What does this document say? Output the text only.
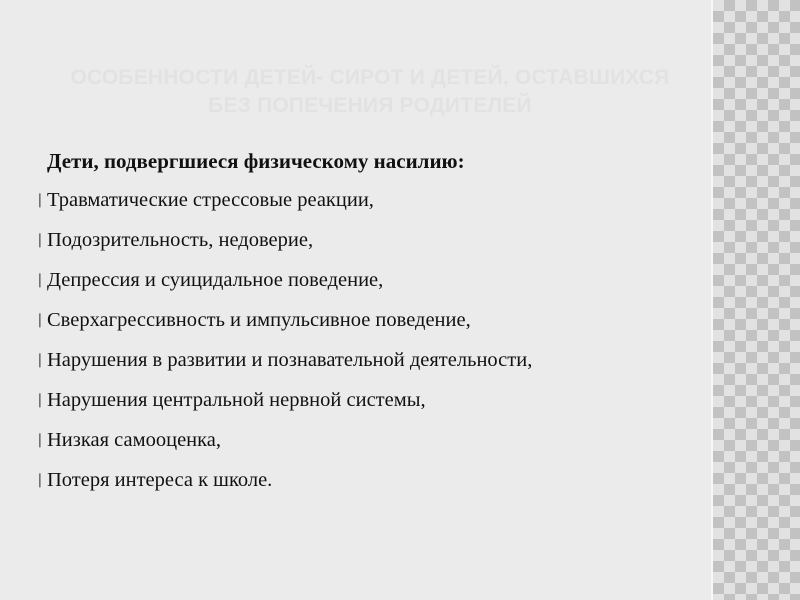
ОСОБЕННОСТИ ДЕТЕЙ- СИРОТ И ДЕТЕЙ, ОСТАВШИХСЯ БЕЗ ПОПЕЧЕНИЯ РОДИТЕЛЕЙ
Дети, подвергшиеся физическому насилию:
❘ Травматические стрессовые реакции,
❘ Подозрительность, недоверие,
❘ Депрессия и суицидальное поведение,
❘ Сверхагрессивность и импульсивное поведение,
❘ Нарушения в развитии и познавательной деятельности,
❘ Нарушения центральной нервной системы,
❘ Низкая самооценка,
❘ Потеря интереса к школе.
